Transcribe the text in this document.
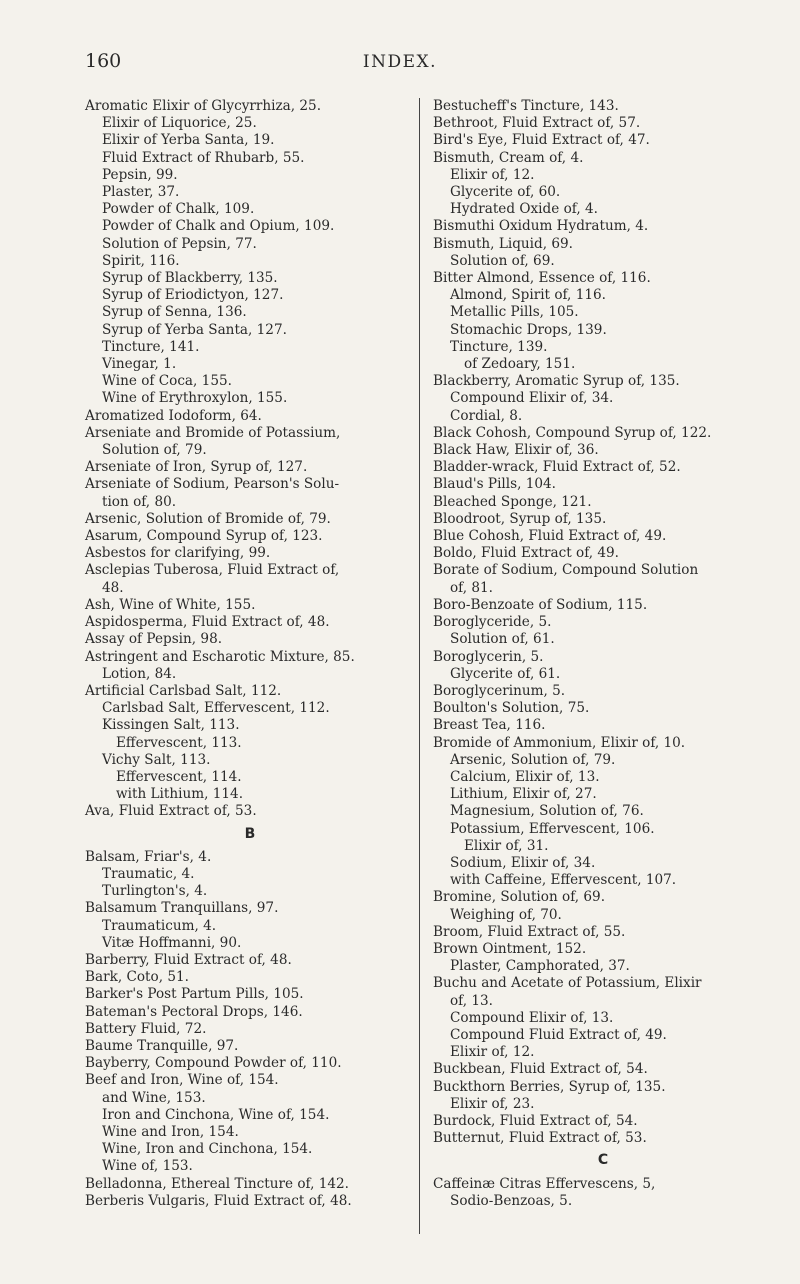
160	INDEX.
Aromatic Elixir of Glycyrrhiza, 25.
Elixir of Liquorice, 25.
Elixir of Yerba Santa, 19.
Fluid Extract of Rhubarb, 55.
Pepsin, 99.
Plaster, 37.
Powder of Chalk, 109.
Powder of Chalk and Opium, 109.
Solution of Pepsin, 77.
Spirit, 116.
Syrup of Blackberry, 135.
Syrup of Eriodictyon, 127.
Syrup of Senna, 136.
Syrup of Yerba Santa, 127.
Tincture, 141.
Vinegar, 1.
Wine of Coca, 155.
Wine of Erythroxylon, 155.
Aromatized Iodoform, 64.
Arseniate and Bromide of Potassium,
Solution of, 79.
Arseniate of Iron, Syrup of, 127.
Arseniate of Sodium, Pearson's Solu-
tion of, 80.
Arsenic, Solution of Bromide of, 79.
Asarum, Compound Syrup of, 123.
Asbestos for clarifying, 99.
Asclepias Tuberosa, Fluid Extract of,
48.
Ash, Wine of White, 155.
Aspidosperma, Fluid Extract of, 48.
Assay of Pepsin, 98.
Astringent and Escharotic Mixture, 85.
Lotion, 84.
Artificial Carlsbad Salt, 112.
Carlsbad Salt, Effervescent, 112.
Kissingen Salt, 113.
Effervescent, 113.
Vichy Salt, 113.
Effervescent, 114.
with Lithium, 114.
Ava, Fluid Extract of, 53.
B
Balsam, Friar's, 4.
Traumatic, 4.
Turlington's, 4.
Balsamum Tranquillans, 97.
Traumaticum, 4.
Vitæ Hoffmanni, 90.
Barberry, Fluid Extract of, 48.
Bark, Coto, 51.
Barker's Post Partum Pills, 105.
Bateman's Pectoral Drops, 146.
Battery Fluid, 72.
Baume Tranquille, 97.
Bayberry, Compound Powder of, 110.
Beef and Iron, Wine of, 154.
and Wine, 153.
Iron and Cinchona, Wine of, 154.
Wine and Iron, 154.
Wine, Iron and Cinchona, 154.
Wine of, 153.
Belladonna, Ethereal Tincture of, 142.
Berberis Vulgaris, Fluid Extract of, 48.
Bestucheff's Tincture, 143.
Bethroot, Fluid Extract of, 57.
Bird's Eye, Fluid Extract of, 47.
Bismuth, Cream of, 4.
Elixir of, 12.
Glycerite of, 60.
Hydrated Oxide of, 4.
Bismuthi Oxidum Hydratum, 4.
Bismuth, Liquid, 69.
Solution of, 69.
Bitter Almond, Essence of, 116.
Almond, Spirit of, 116.
Metallic Pills, 105.
Stomachic Drops, 139.
Tincture, 139.
of Zedoary, 151.
Blackberry, Aromatic Syrup of, 135.
Compound Elixir of, 34.
Cordial, 8.
Black Cohosh, Compound Syrup of, 122.
Black Haw, Elixir of, 36.
Bladder-wrack, Fluid Extract of, 52.
Blaud's Pills, 104.
Bleached Sponge, 121.
Bloodroot, Syrup of, 135.
Blue Cohosh, Fluid Extract of, 49.
Boldo, Fluid Extract of, 49.
Borate of Sodium, Compound Solution
of, 81.
Boro-Benzoate of Sodium, 115.
Boroglyceride, 5.
Solution of, 61.
Boroglycerin, 5.
Glycerite of, 61.
Boroglycerinum, 5.
Boulton's Solution, 75.
Breast Tea, 116.
Bromide of Ammonium, Elixir of, 10.
Arsenic, Solution of, 79.
Calcium, Elixir of, 13.
Lithium, Elixir of, 27.
Magnesium, Solution of, 76.
Potassium, Effervescent, 106.
Elixir of, 31.
Sodium, Elixir of, 34.
with Caffeine, Effervescent, 107.
Bromine, Solution of, 69.
Weighing of, 70.
Broom, Fluid Extract of, 55.
Brown Ointment, 152.
Plaster, Camphorated, 37.
Buchu and Acetate of Potassium, Elixir
of, 13.
Compound Elixir of, 13.
Compound Fluid Extract of, 49.
Elixir of, 12.
Buckbean, Fluid Extract of, 54.
Buckthorn Berries, Syrup of, 135.
Elixir of, 23.
Burdock, Fluid Extract of, 54.
Butternut, Fluid Extract of, 53.
C
Caffeinæ Citras Effervescens, 5,
Sodio-Benzoas, 5.
